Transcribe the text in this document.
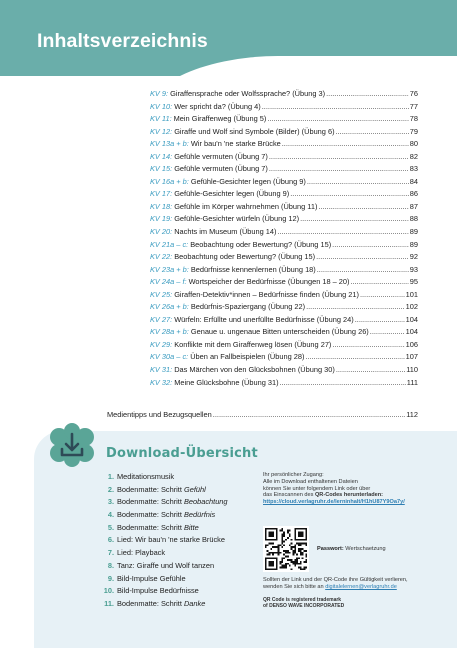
Inhaltsverzeichnis
KV 9: Giraffensprache oder Wolfssprache? (Übung 3) .....	76
KV 10: Wer spricht da? (Übung 4) .....	77
KV 11: Mein Giraffenweg (Übung 5) .....	78
KV 12: Giraffe und Wolf sind Symbole (Bilder) (Übung 6) .....	79
KV 13a + b: Wir bau'n 'ne starke Brücke .....	80
KV 14: Gefühle vermuten (Übung 7) .....	82
KV 15: Gefühle vermuten (Übung 7) .....	83
KV 16a + b: Gefühle-Gesichter legen (Übung 9) .....	84
KV 17: Gefühle-Gesichter legen (Übung 9) .....	86
KV 18: Gefühle im Körper wahrnehmen (Übung 11) .....	87
KV 19: Gefühle-Gesichter würfeln (Übung 12) .....	88
KV 20: Nachts im Museum (Übung 14) .....	89
KV 21a – c: Beobachtung oder Bewertung? (Übung 15) .....	89
KV 22: Beobachtung oder Bewertung? (Übung 15) .....	92
KV 23a + b: Bedürfnisse kennenlernen (Übung 18) .....	93
KV 24a – f: Wortspeicher der Bedürfnisse (Übungen 18 – 20) .....	95
KV 25: Giraffen-Detektiv*innen – Bedürfnisse finden (Übung 21) .....	101
KV 26a + b: Bedürfnis-Spaziergang (Übung 22) .....	102
KV 27: Würfeln: Erfüllte und unerfüllte Bedürfnisse (Übung 24) .....	104
KV 28a + b: Genaue u. ungenaue Bitten unterscheiden (Übung 26) .....	104
KV 29: Konflikte mit dem Giraffenweg lösen (Übung 27) .....	106
KV 30a – c: Üben an Fallbeispielen (Übung 28) .....	107
KV 31: Das Märchen von den Glücksbohnen (Übung 30) .....	110
KV 32: Meine Glücksbohne (Übung 31) .....	111
Medientipps und Bezugsquellen .....	112
Download-Übersicht
1. Meditationsmusik
2. Bodenmatte: Schritt Gefühl
3. Bodenmatte: Schritt Beobachtung
4. Bodenmatte: Schritt Bedürfnis
5. Bodenmatte: Schritt Bitte
6. Lied: Wir bau'n 'ne starke Brücke
7. Lied: Playback
8. Tanz: Giraffe und Wolf tanzen
9. Bild-Impulse Gefühle
10. Bild-Impulse Bedürfnisse
11. Bodenmatte: Schritt Danke
Ihr persönlicher Zugang:
Alle im Download enthaltenen Dateien
können Sie unter folgendem Link oder über
das Einscannen des QR-Codes herunterladen:
https://cloud.verlagruhr.de/lerninhalt/H1hU87Y9Oa7y/
Passwort: Wertschaetzung
Sollten der Link und der QR-Code ihre Gültigkeit verlieren,
wenden Sie sich bitte an digitalelernen@verlagruhr.de
QR Code is registered trademark
of DENSO WAVE INCORPORATED
